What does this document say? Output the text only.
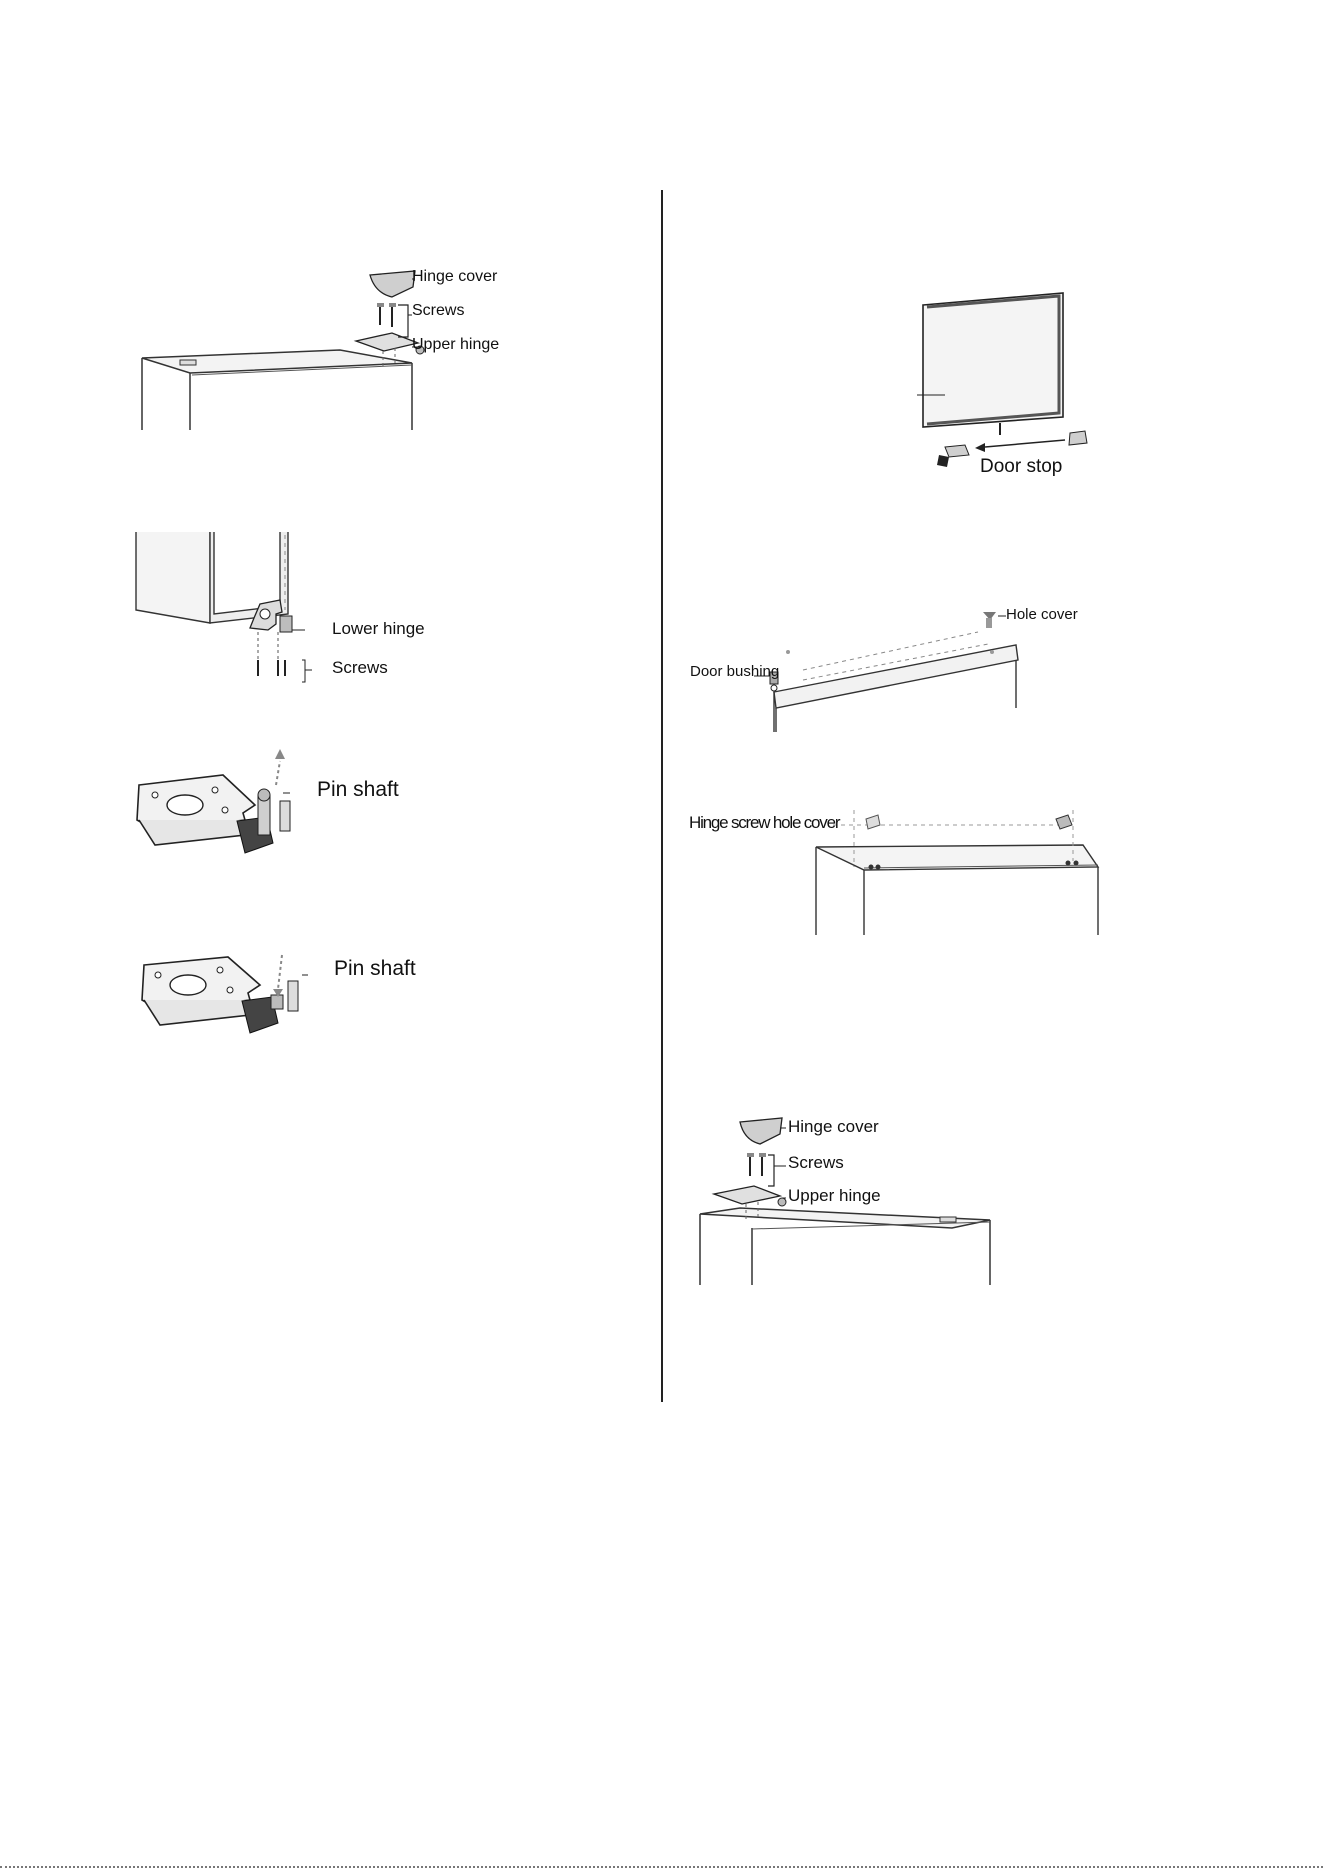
Hinge cover
Screws
Upper hinge
Lower hinge
Screws
Pin shaft
Pin shaft
Door stop
Hole cover
Door bushing
Hinge screw hole cover
Hinge cover
Screws
Upper hinge
